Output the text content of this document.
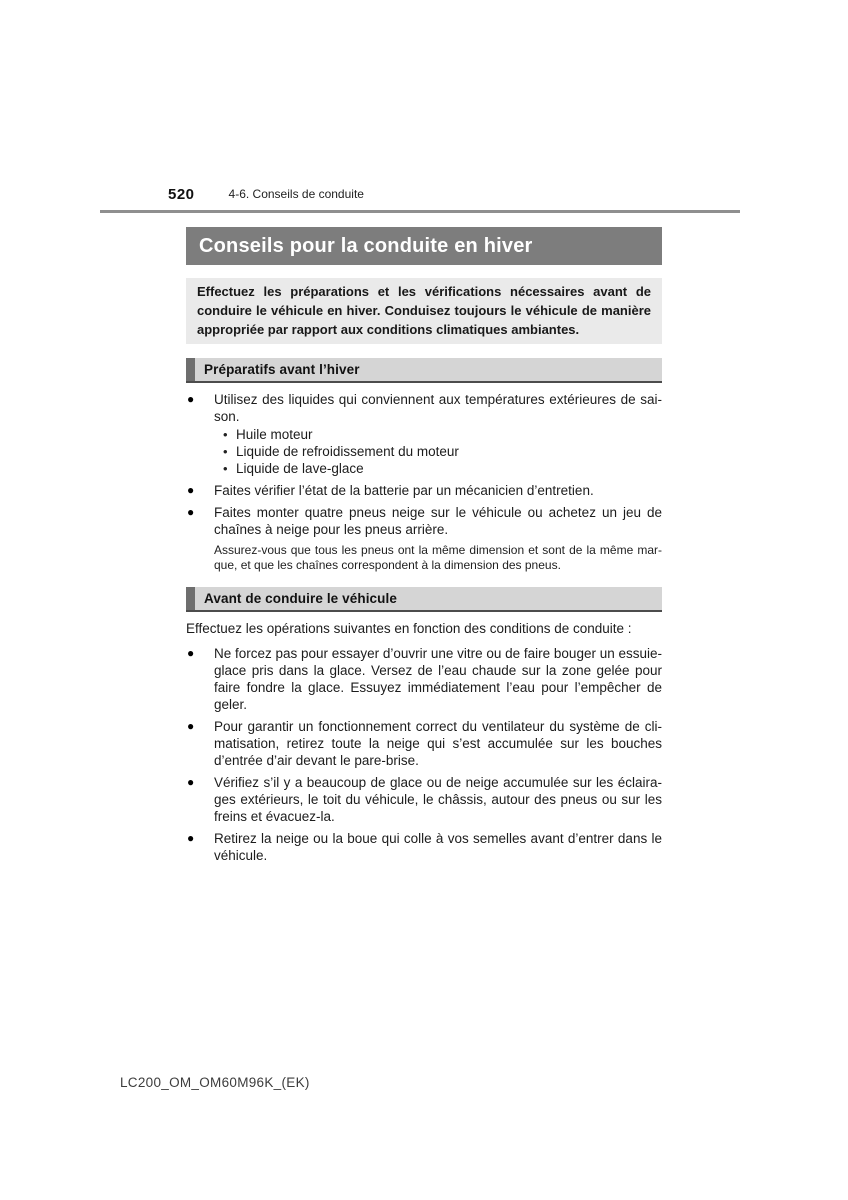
520	4-6. Conseils de conduite
Conseils pour la conduite en hiver
Effectuez les préparations et les vérifications nécessaires avant de conduire le véhicule en hiver. Conduisez toujours le véhicule de manière appropriée par rapport aux conditions climatiques ambiantes.
Préparatifs avant l’hiver
● Utilisez des liquides qui conviennent aux températures extérieures de saison.
• Huile moteur
• Liquide de refroidissement du moteur
• Liquide de lave-glace
● Faites vérifier l’état de la batterie par un mécanicien d’entretien.
● Faites monter quatre pneus neige sur le véhicule ou achetez un jeu de chaînes à neige pour les pneus arrière.
Assurez-vous que tous les pneus ont la même dimension et sont de la même marque, et que les chaînes correspondent à la dimension des pneus.
Avant de conduire le véhicule

Effectuez les opérations suivantes en fonction des conditions de conduite :

● Ne forcez pas pour essayer d’ouvrir une vitre ou de faire bouger un essuie-glace pris dans la glace. Versez de l’eau chaude sur la zone gelée pour faire fondre la glace. Essuyez immédiatement l’eau pour l’empêcher de geler.
● Pour garantir un fonctionnement correct du ventilateur du système de climatisation, retirez toute la neige qui s’est accumulée sur les bouches d’entrée d’air devant le pare-brise.
● Vérifiez s’il y a beaucoup de glace ou de neige accumulée sur les éclairages extérieurs, le toit du véhicule, le châssis, autour des pneus ou sur les freins et évacuez-la.
● Retirez la neige ou la boue qui colle à vos semelles avant d’entrer dans le véhicule.
LC200_OM_OM60M96K_(EK)
